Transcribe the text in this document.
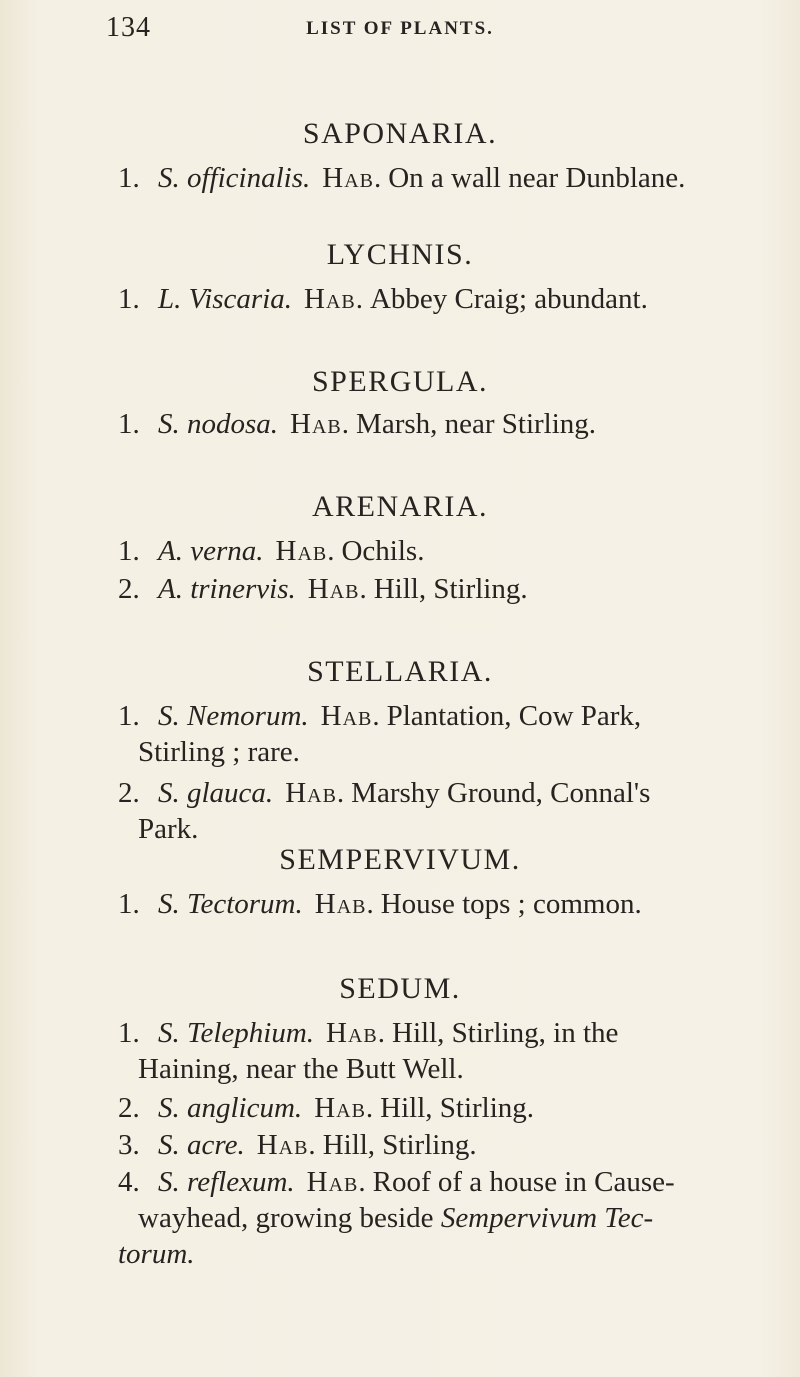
134	LIST OF PLANTS.
SAPONARIA.
1. S. officinalis. Hab. On a wall near Dunblane.
LYCHNIS.
1. L. Viscaria. Hab. Abbey Craig; abundant.
SPERGULA.
1. S. nodosa. Hab. Marsh, near Stirling.
ARENARIA.
1. A. verna. Hab. Ochils.
2. A. trinervis. Hab. Hill, Stirling.
STELLARIA.
1. S. Nemorum. Hab. Plantation, Cow Park,
Stirling ; rare.
2. S. glauca. Hab. Marshy Ground, Connal's
Park.
SEMPERVIVUM.
1. S. Tectorum. Hab. House tops ; common.
SEDUM.
1. S. Telephium. Hab. Hill, Stirling, in the
Haining, near the Butt Well.
2. S. anglicum. Hab. Hill, Stirling.
3. S. acre. Hab. Hill, Stirling.
4. S. reflexum. Hab. Roof of a house in Cause-
wayhead, growing beside Sempervivum Tec-
torum.
